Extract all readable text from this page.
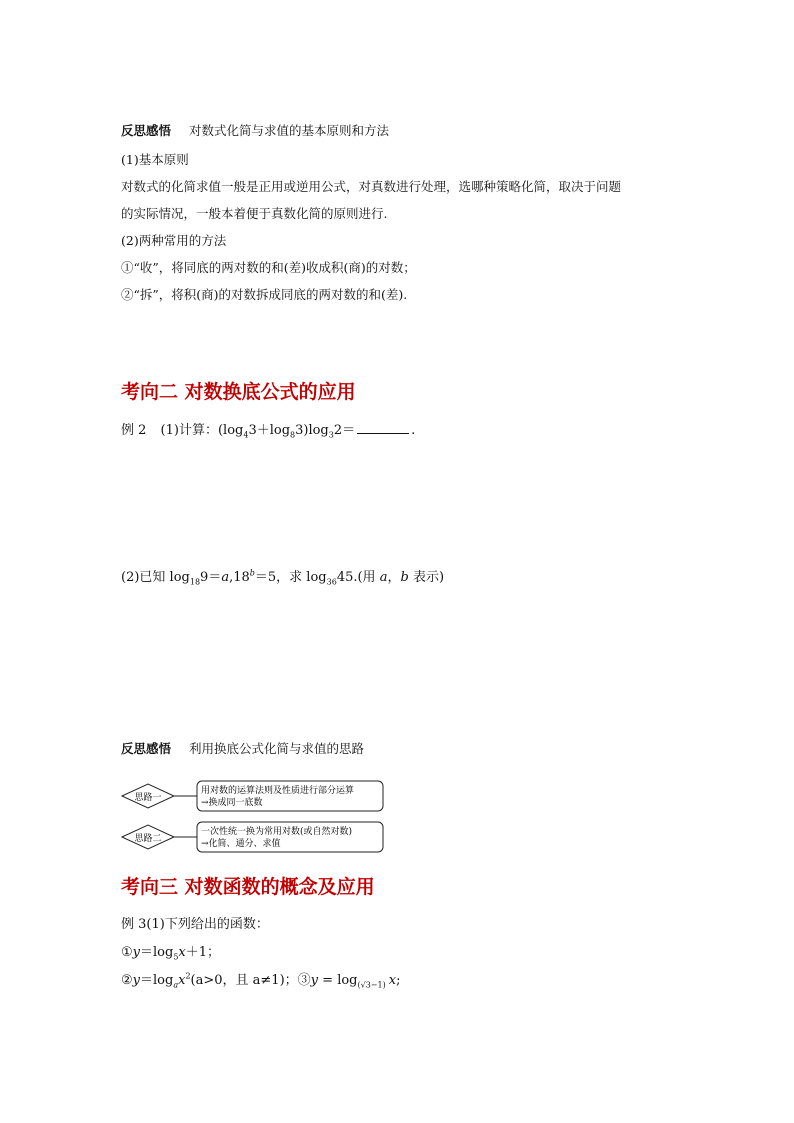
反思感悟 对数式化简与求值的基本原则和方法
(1)基本原则
对数式的化简求值一般是正用或逆用公式，对真数进行处理，选哪种策略化简，取决于问题
的实际情况，一般本着便于真数化简的原则进行.
(2)两种常用的方法
①“收”，将同底的两对数的和(差)收成积(商)的对数；
②“拆”，将积(商)的对数拆成同底的两对数的和(差).
考向二 对数换底公式的应用
例 2 (1)计算：$(\log_43+\log_83)\log_32=$	.
(2)已知 $\log_{18}9=a,18^b=5$，求 $\log_{36}45$.(用 a，b 表示)
反思感悟 利用换底公式化简与求值的思路
思路一
用对数的运算法则及性质进行部分运算
→换成同一底数
思路二
一次性统一换为常用对数(或自然对数)
→化简、通分、求值
考向三 对数函数的概念及应用
例 3(1)下列给出的函数：
$①y=\log_5x+1$；
$②y=\log_ax^2(a>0$，且 a≠1)；③y = $\log_{(√3-1)} x$;
